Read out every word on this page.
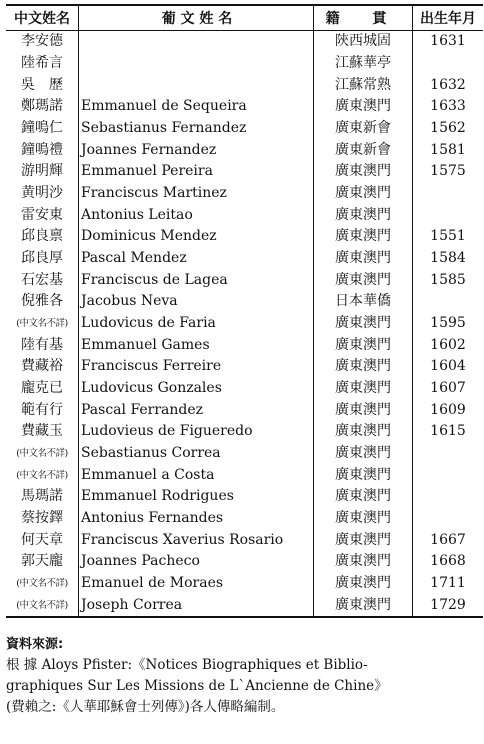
中文姓名	葡 文 姓 名	籍 貫	出生年月
李安德		陝西城固	1631
陸希言		江蘇華亭	
吳　歷		江蘇常熟	1632
鄭瑪諾	Emmanuel de Sequeira	廣東澳門	1633
鐘鳴仁	Sebastianus Fernandez	廣東新會	1562
鐘鳴禮	Joannes Fernandez	廣東新會	1581
游明輝	Emmanuel Pereira	廣東澳門	1575
黄明沙	Franciscus Martinez	廣東澳門	
雷安東	Antonius Leitao	廣東澳門	
邱良禀	Dominicus Mendez	廣東澳門	1551
邱良厚	Pascal Mendez	廣東澳門	1584
石宏基	Franciscus de Lagea	廣東澳門	1585
倪雅各	Jacobus Neva	日本華僑	
(中文名不詳)	Ludovicus de Faria	廣東澳門	1595
陸有基	Emmanuel Games	廣東澳門	1602
費藏裕	Franciscus Ferreire	廣東澳門	1604
龐克已	Ludovicus Gonzales	廣東澳門	1607
範有行	Pascal Ferrandez	廣東澳門	1609
費藏玉	Ludovieus de Figueredo	廣東澳門	1615
(中文名不詳)	Sebastianus Correa	廣東澳門	
(中文名不詳)	Emmanuel a Costa	廣東澳門	
馬瑪諾	Emmanuel Rodrigues	廣東澳門	
蔡按鐸	Antonius Fernandes	廣東澳門	
何天章	Franciscus Xaverius Rosario	廣東澳門	1667
郭天龐	Joannes Pacheco	廣東澳門	1668
(中文名不詳)	Emanuel de Moraes	廣東澳門	1711
(中文名不詳)	Joseph Correa	廣東澳門	1729

資料來源:

根 據 Aloys Pfister:《Notices Biographiques et Biblio-

graphiques Sur Les Missions de L`Ancienne de Chine》

(費賴之:《人華耶穌會士列傳》)各人傳略編制。
